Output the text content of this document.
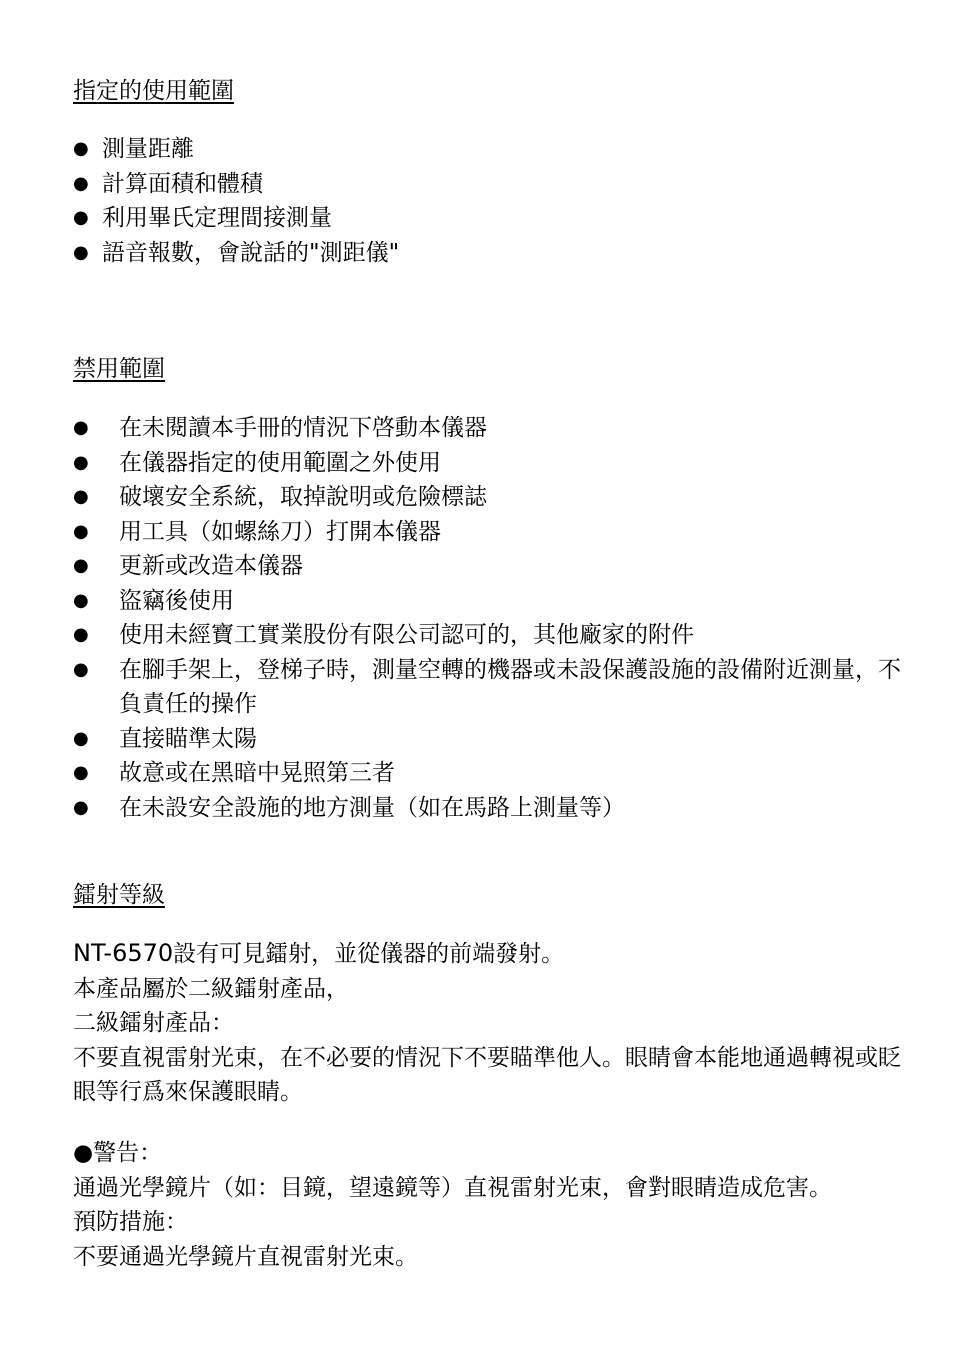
指定的使用範圍
● 測量距離
● 計算面積和體積
● 利用畢氏定理間接測量
● 語音報數，會說話的"測距儀"
禁用範圍
● 在未閱讀本手冊的情況下啓動本儀器
● 在儀器指定的使用範圍之外使用
● 破壞安全系統，取掉說明或危險標誌
● 用工具（如螺絲刀）打開本儀器
● 更新或改造本儀器
● 盜竊後使用
● 使用未經寶工實業股份有限公司認可的，其他廠家的附件
● 在腳手架上，登梯子時，測量空轉的機器或未設保護設施的設備附近測量，不負責任的操作
● 直接瞄準太陽
● 故意或在黑暗中晃照第三者
● 在未設安全設施的地方測量（如在馬路上測量等）
鐳射等級

NT-6570設有可見鐳射，並從儀器的前端發射。

本產品屬於二級鐳射產品，

二級鐳射產品：

不要直視雷射光束，在不必要的情況下不要瞄準他人。眼睛會本能地通過轉視或眨眼等行爲來保護眼睛。

●警告：

通過光學鏡片（如：目鏡，望遠鏡等）直視雷射光束，會對眼睛造成危害。

預防措施：

不要通過光學鏡片直視雷射光束。
